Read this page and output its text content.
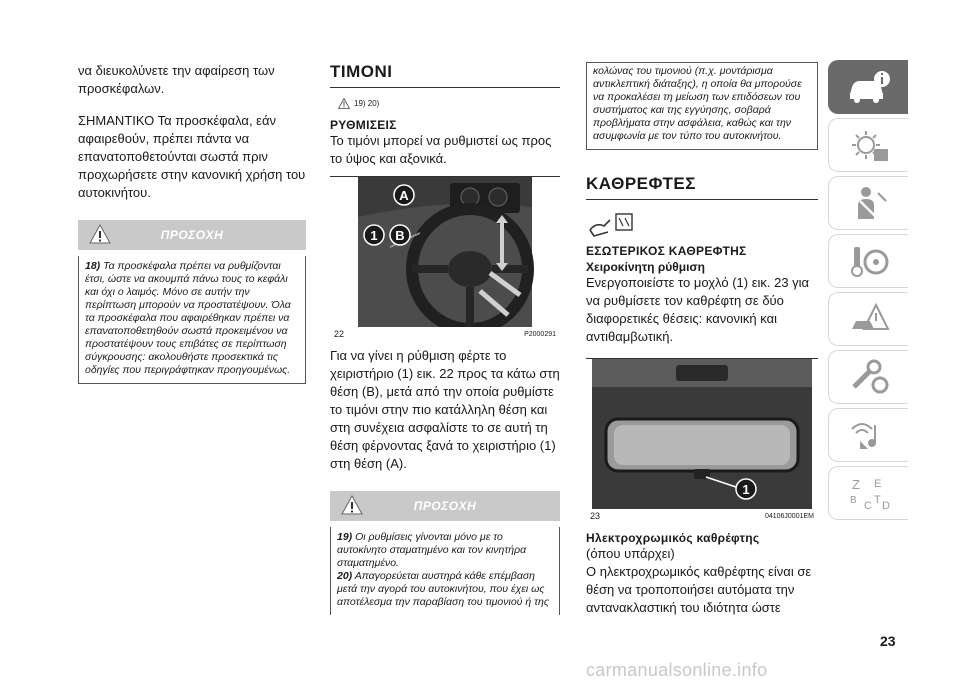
να διευκολύνετε την αφαίρεση των προσκέφαλων.

ΣΗΜΑΝΤΙΚΟ Τα προσκέφαλα, εάν αφαιρεθούν, πρέπει πάντα να επανατοποθετούνται σωστά πριν προχωρήσετε στην κανονική χρήση του αυτοκινήτου.

ΠΡΟΣΟΧΗ

18) Τα προσκέφαλα πρέπει να ρυθμίζονται έτσι, ώστε να ακουμπά πάνω τους το κεφάλι και όχι ο λαιμός. Μόνο σε αυτήν την περίπτωση μπορούν να προστατέψουν. Όλα τα προσκέφαλα που αφαιρέθηκαν πρέπει να επανατοποθετηθούν σωστά προκειμένου να προστατέψουν τους επιβάτες σε περίπτωση σύγκρουσης: ακολουθήστε προσεκτικά τις οδηγίες που περιγράφτηκαν προηγουμένως.

ΤΙΜΟΝΙ
19) 20)
ΡΥΘΜΙΣΕΙΣ

Το τιμόνι μπορεί να ρυθμιστεί ως προς το ύψος και αξονικά.

1 B
A
22	P2000291

Για να γίνει η ρύθμιση φέρτε το χειριστήριο (1) εικ. 22 προς τα κάτω στη θέση (B), μετά από την οποία ρυθμίστε το τιμόνι στην πιο κατάλληλη θέση και στη συνέχεια ασφαλίστε το σε αυτή τη θέση φέρνοντας ξανά το χειριστήριο (1) στη θέση (A).

ΠΡΟΣΟΧΗ

19) Οι ρυθμίσεις γίνονται μόνο με το αυτοκίνητο σταματημένο και τον κινητήρα σταματημένο.

20) Απαγορεύεται αυστηρά κάθε επέμβαση μετά την αγορά του αυτοκινήτου, που έχει ως αποτέλεσμα την παραβίαση του τιμονιού ή της

κολώνας του τιμονιού (π.χ. μοντάρισμα αντικλεπτική διάταξης), η οποία θα μπορούσε να προκαλέσει τη μείωση των επιδόσεων του συστήματος και της εγγύησης, σοβαρά προβλήματα στην ασφάλεια, καθώς και την ασυμφωνία με τον τύπο του αυτοκινήτου.

ΚΑΘΡΕΦΤΕΣ
ΕΣΩΤΕΡΙΚΟΣ ΚΑΘΡΕΦΤΗΣ
Χειροκίνητη ρύθμιση

Ενεργοποιείστε το μοχλό (1) εικ. 23 για να ρυθμίσετε τον καθρέφτη σε δύο διαφορετικές θέσεις: κανονική και αντιθαμβωτική.

1
23	04106J0001EM
Ηλεκτροχρωμικός καθρέφτης

(όπου υπάρχει)

Ο ηλεκτροχρωμικός καθρέφτης είναι σε θέση να τροποποιήσει αυτόματα την αντανακλαστική του ιδιότητα ώστε

Z E
B C T D
23
carmanualsonline.info
